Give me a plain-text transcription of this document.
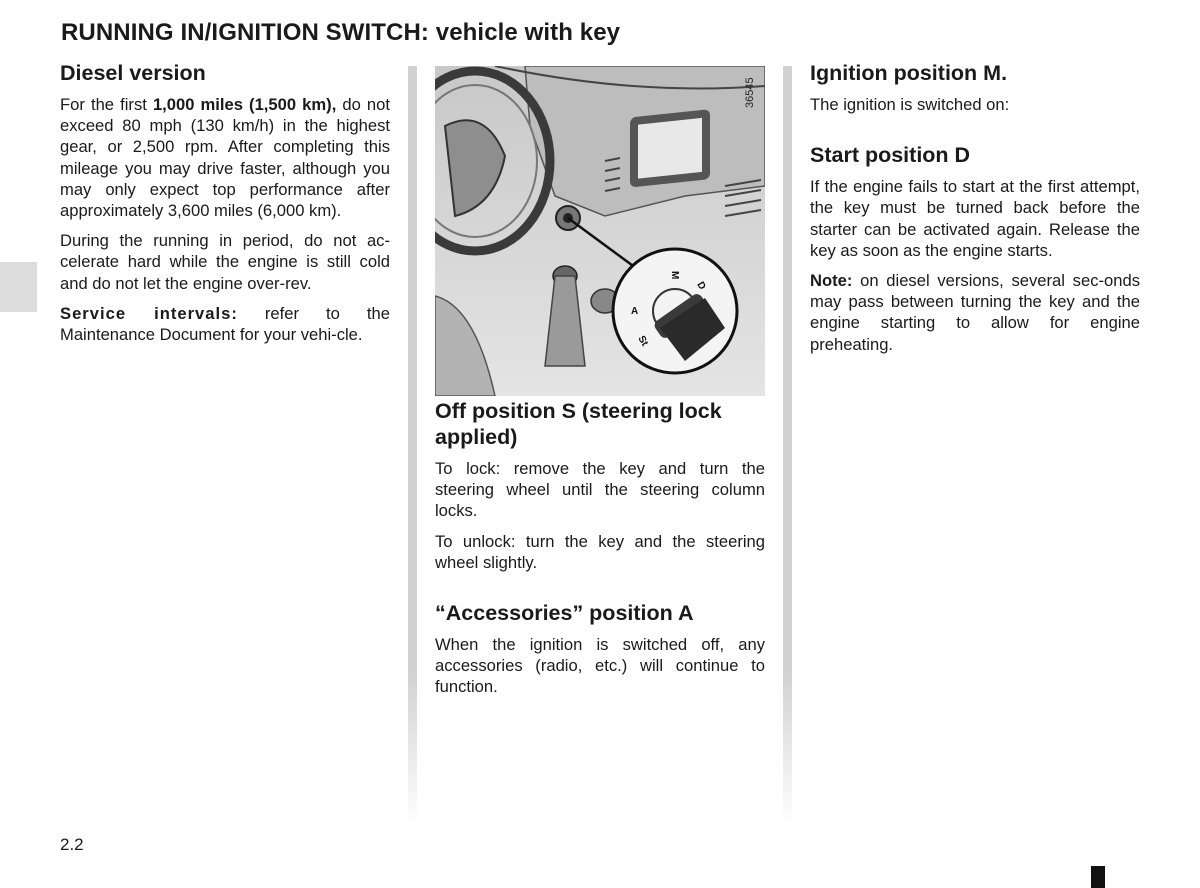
RUNNING IN/IGNITION SWITCH: vehicle with key
Diesel version

For the first 1,000 miles (1,500 km), do not exceed 80 mph (130 km/h) in the highest gear, or 2,500 rpm. After completing this mileage you may drive faster, although you may only expect top performance after approximately 3,600 miles (6,000 km).

During the running in period, do not ac-celerate hard while the engine is still cold and do not let the engine over-rev.

Service intervals: refer to the Maintenance Document for your vehi-cle.

M
D
A
St
36545
Off position S (steering lock applied)

To lock: remove the key and turn the steering wheel until the steering column locks.

To unlock: turn the key and the steering wheel slightly.

“Accessories” position A

When the ignition is switched off, any accessories (radio, etc.) will continue to function.

Ignition position M.

The ignition is switched on:

Start position D

If the engine fails to start at the first attempt, the key must be turned back before the starter can be activated again. Release the key as soon as the engine starts.

Note: on diesel versions, several sec-onds may pass between turning the key and the engine starting to allow for engine preheating.

2.2
